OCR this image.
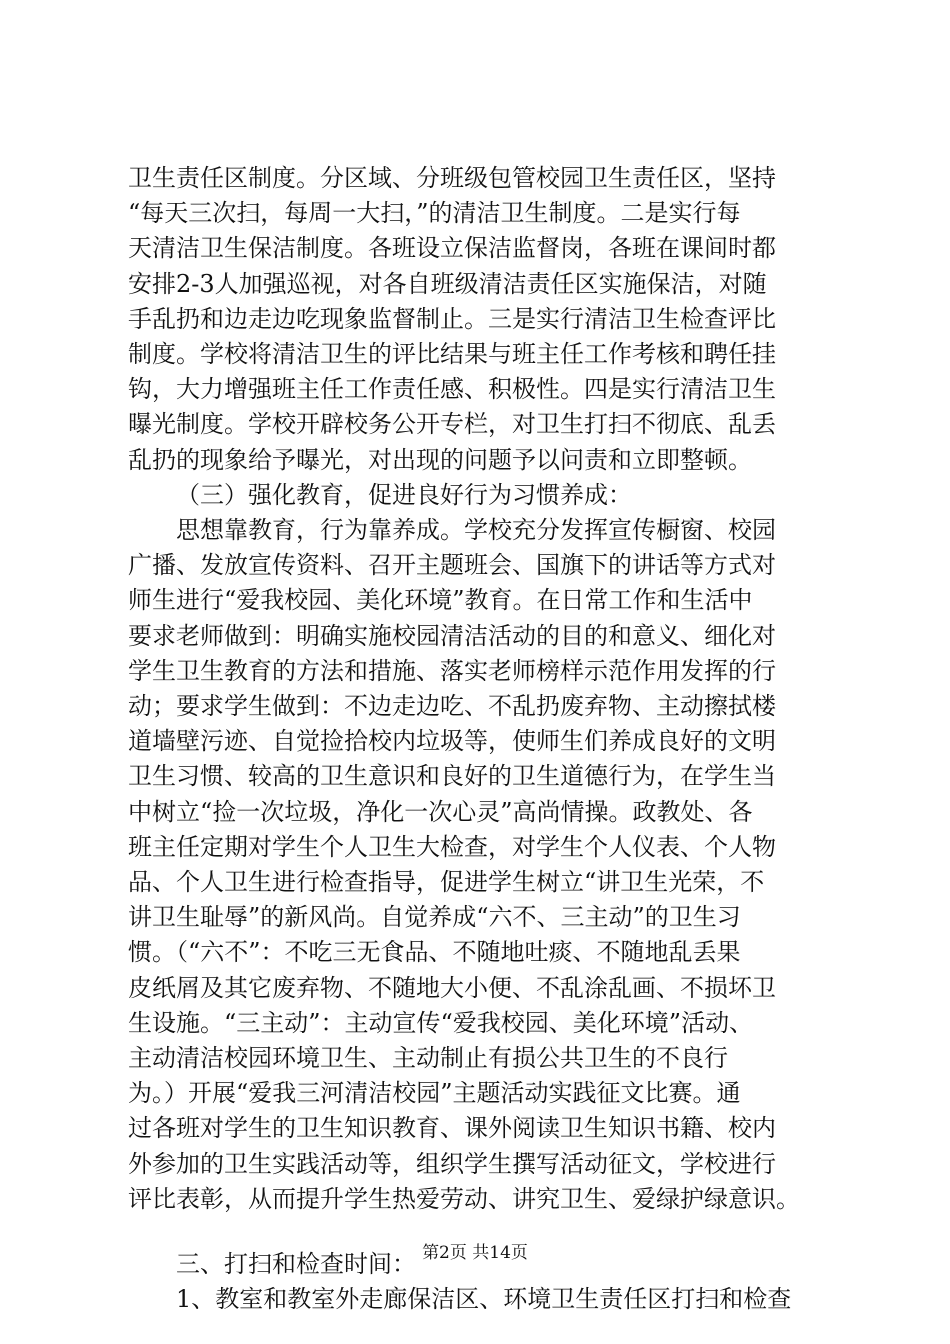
卫生责任区制度。分区域、分班级包管校园卫生责任区，坚持
“每天三次扫，每周一大扫，”的清洁卫生制度。二是实行每
天清洁卫生保洁制度。各班设立保洁监督岗，各班在课间时都
安排2-3人加强巡视，对各自班级清洁责任区实施保洁，对随
手乱扔和边走边吃现象监督制止。三是实行清洁卫生检查评比
制度。学校将清洁卫生的评比结果与班主任工作考核和聘任挂
钩，大力增强班主任工作责任感、积极性。四是实行清洁卫生
曝光制度。学校开辟校务公开专栏，对卫生打扫不彻底、乱丢
乱扔的现象给予曝光，对出现的问题予以问责和立即整顿。
（三）强化教育，促进良好行为习惯养成：
思想靠教育，行为靠养成。学校充分发挥宣传橱窗、校园
广播、发放宣传资料、召开主题班会、国旗下的讲话等方式对
师生进行“爱我校园、美化环境”教育。在日常工作和生活中
要求老师做到：明确实施校园清洁活动的目的和意义、细化对
学生卫生教育的方法和措施、落实老师榜样示范作用发挥的行
动；要求学生做到：不边走边吃、不乱扔废弃物、主动擦拭楼
道墙壁污迹、自觉捡拾校内垃圾等，使师生们养成良好的文明
卫生习惯、较高的卫生意识和良好的卫生道德行为，在学生当
中树立“捡一次垃圾，净化一次心灵”高尚情操。政教处、各
班主任定期对学生个人卫生大检查，对学生个人仪表、个人物
品、个人卫生进行检查指导，促进学生树立“讲卫生光荣，不
讲卫生耻辱”的新风尚。自觉养成“六不、三主动”的卫生习
惯。（“六不”：不吃三无食品、不随地吐痰、不随地乱丢果
皮纸屑及其它废弃物、不随地大小便、不乱涂乱画、不损坏卫
生设施。“三主动”：主动宣传“爱我校园、美化环境”活动、
主动清洁校园环境卫生、主动制止有损公共卫生的不良行
为。）开展“爱我三河清洁校园”主题活动实践征文比赛。通
过各班对学生的卫生知识教育、课外阅读卫生知识书籍、校内
外参加的卫生实践活动等，组织学生撰写活动征文，学校进行
评比表彰，从而提升学生热爱劳动、讲究卫生、爱绿护绿意识。
三、打扫和检查时间：
1、教室和教室外走廊保洁区、环境卫生责任区打扫和检查
第2页 共14页
